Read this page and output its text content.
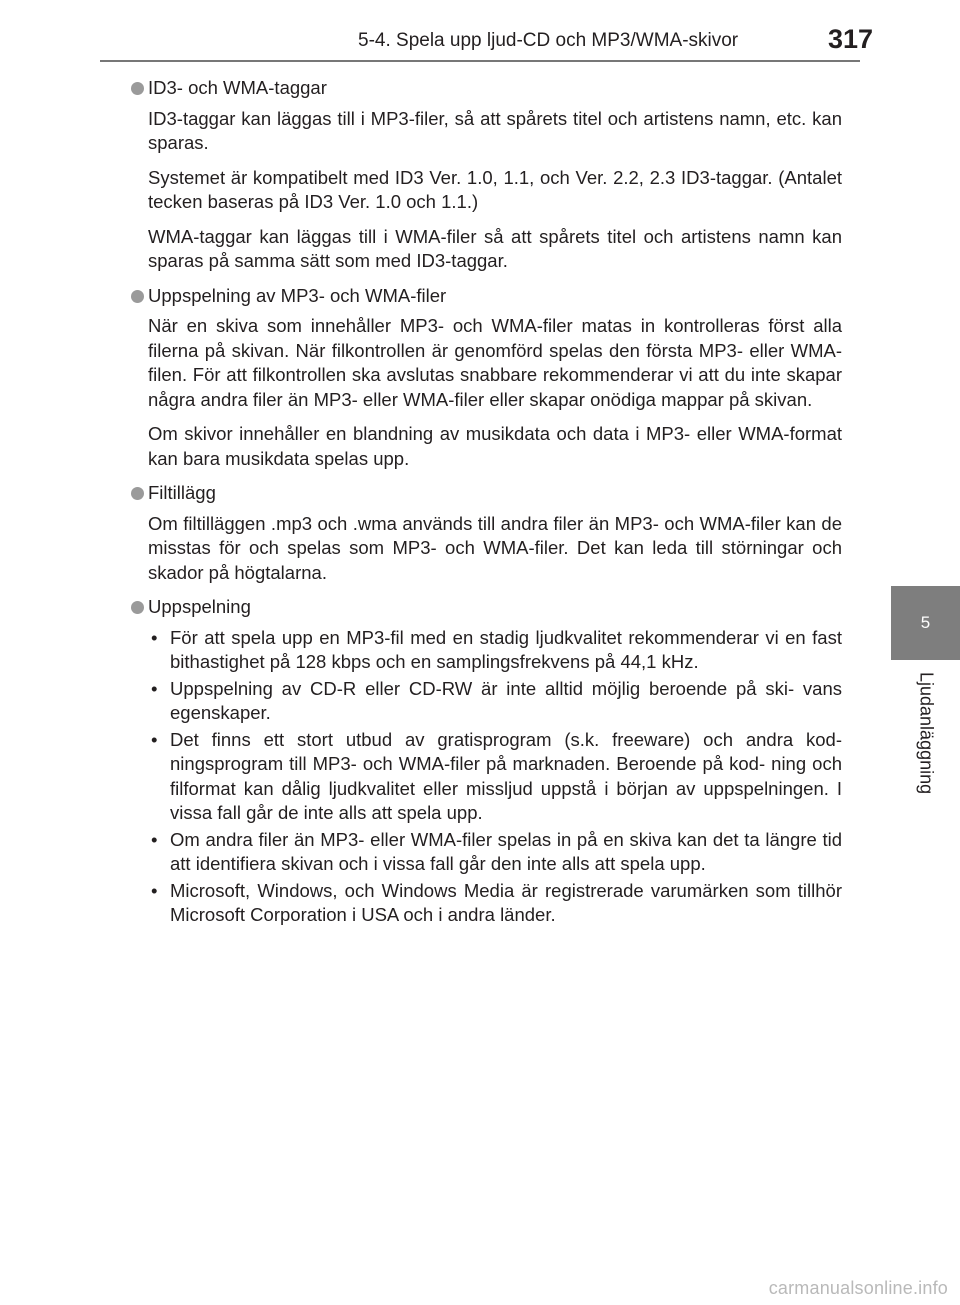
5-4. Spela upp ljud-CD och MP3/WMA-skivor	317
5
Ljudanläggning
ID3- och WMA-taggar

ID3-taggar kan läggas till i MP3-filer, så att spårets titel och artistens namn, etc. kan sparas.

Systemet är kompatibelt med ID3 Ver. 1.0, 1.1, och Ver. 2.2, 2.3 ID3-taggar. (Antalet tecken baseras på ID3 Ver. 1.0 och 1.1.)

WMA-taggar kan läggas till i WMA-filer så att spårets titel och artistens namn kan sparas på samma sätt som med ID3-taggar.

Uppspelning av MP3- och WMA-filer

När en skiva som innehåller MP3- och WMA-filer matas in kontrolleras först alla filerna på skivan. När filkontrollen är genomförd spelas den första MP3- eller WMA-filen. För att filkontrollen ska avslutas snabbare rekommenderar vi att du inte skapar några andra filer än MP3- eller WMA-filer eller skapar onödiga mappar på skivan.

Om skivor innehåller en blandning av musikdata och data i MP3- eller WMA-format kan bara musikdata spelas upp.

Filtillägg

Om filtilläggen .mp3 och .wma används till andra filer än MP3- och WMA-filer kan de misstas för och spelas som MP3- och WMA-filer. Det kan leda till störningar och skador på högtalarna.

Uppspelning
• För att spela upp en MP3-fil med en stadig ljudkvalitet rekommenderar vi en fast bithastighet på 128 kbps och en samplingsfrekvens på 44,1 kHz.
• Uppspelning av CD-R eller CD-RW är inte alltid möjlig beroende på ski- vans egenskaper.
• Det finns ett stort utbud av gratisprogram (s.k. freeware) och andra kod- ningsprogram till MP3- och WMA-filer på marknaden. Beroende på kod- ning och filformat kan dålig ljudkvalitet eller missljud uppstå i början av uppspelningen. I vissa fall går de inte alls att spela upp.
• Om andra filer än MP3- eller WMA-filer spelas in på en skiva kan det ta längre tid att identifiera skivan och i vissa fall går den inte alls att spela upp.
• Microsoft, Windows, och Windows Media är registrerade varumärken som tillhör Microsoft Corporation i USA och i andra länder.
carmanualsonline.info
